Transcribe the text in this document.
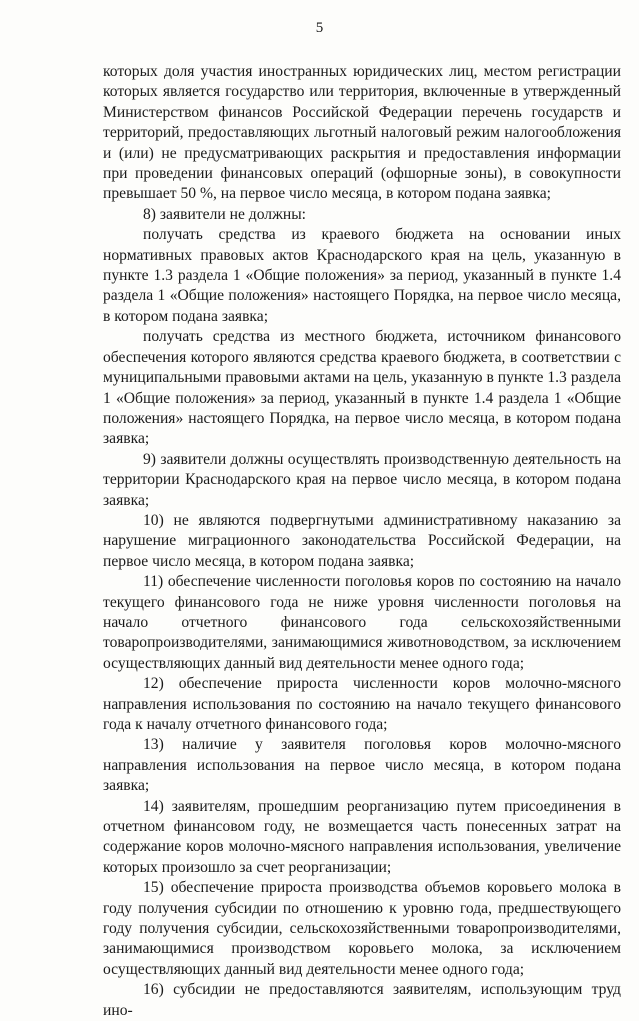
5

которых доля участия иностранных юридических лиц, местом регистрации которых является государство или территория, включенные в утвержденный Министерством финансов Российской Федерации перечень государств и территорий, предоставляющих льготный налоговый режим налогообложения и (или) не предусматривающих раскрытия и предоставления информации при проведении финансовых операций (офшорные зоны), в совокупности превышает 50 %, на первое число месяца, в котором подана заявка;

8) заявители не должны:

получать средства из краевого бюджета на основании иных нормативных правовых актов Краснодарского края на цель, указанную в пункте 1.3 раздела 1 «Общие положения» за период, указанный в пункте 1.4 раздела 1 «Общие положения» настоящего Порядка, на первое число месяца, в котором подана заявка;

получать средства из местного бюджета, источником финансового обеспечения которого являются средства краевого бюджета, в соответствии с муниципальными правовыми актами на цель, указанную в пункте 1.3 раздела 1 «Общие положения» за период, указанный в пункте 1.4 раздела 1 «Общие положения» настоящего Порядка, на первое число месяца, в котором подана заявка;

9) заявители должны осуществлять производственную деятельность на территории Краснодарского края на первое число месяца, в котором подана заявка;

10) не являются подвергнутыми административному наказанию за нарушение миграционного законодательства Российской Федерации, на первое число месяца, в котором подана заявка;

11) обеспечение численности поголовья коров по состоянию на начало текущего финансового года не ниже уровня численности поголовья на начало отчетного финансового года сельскохозяйственными товаропроизводителями, занимающимися животноводством, за исключением осуществляющих данный вид деятельности менее одного года;

12) обеспечение прироста численности коров молочно-мясного направления использования по состоянию на начало текущего финансового года к началу отчетного финансового года;

13) наличие у заявителя поголовья коров молочно-мясного направления использования на первое число месяца, в котором подана заявка;

14) заявителям, прошедшим реорганизацию путем присоединения в отчетном финансовом году, не возмещается часть понесенных затрат на содержание коров молочно-мясного направления использования, увеличение которых произошло за счет реорганизации;

15) обеспечение прироста производства объемов коровьего молока в году получения субсидии по отношению к уровню года, предшествующего году получения субсидии, сельскохозяйственными товаропроизводителями, занимающимися производством коровьего молока, за исключением осуществляющих данный вид деятельности менее одного года;

16) субсидии не предоставляются заявителям, использующим труд ино-
